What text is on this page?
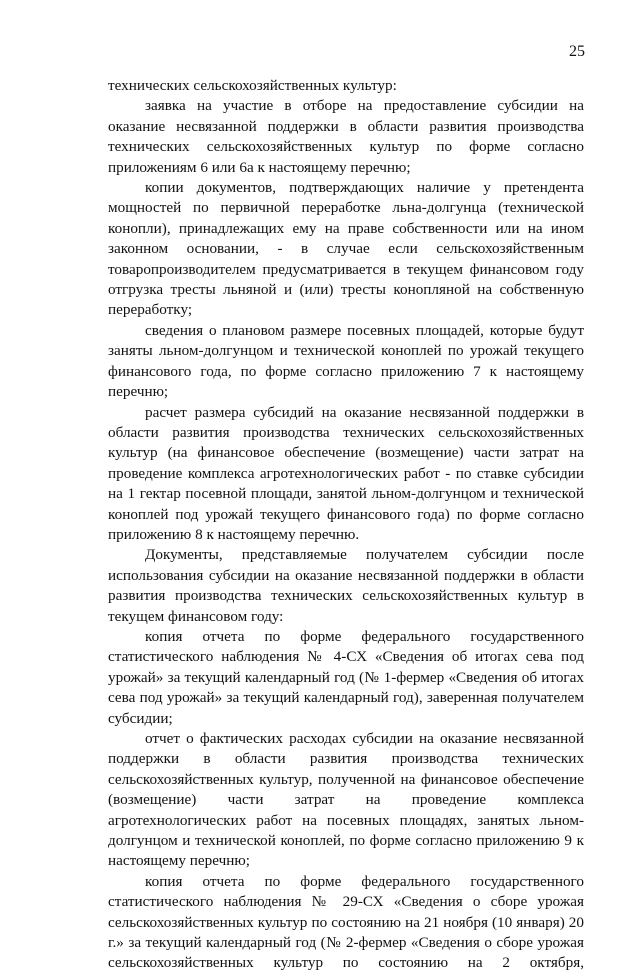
25

технических сельскохозяйственных культур:

заявка на участие в отборе на предоставление субсидии на оказание несвязанной поддержки в области развития производства технических сельскохозяйственных культур по форме согласно приложениям 6 или 6а к настоящему перечню;

копии документов, подтверждающих наличие у претендента мощностей по первичной переработке льна-долгунца (технической конопли), принадлежащих ему на праве собственности или на ином законном основании, - в случае если сельскохозяйственным товаропроизводителем предусматривается в текущем финансовом году отгрузка тресты льняной и (или) тресты конопляной на собственную переработку;

сведения о плановом размере посевных площадей, которые будут заняты льном-долгунцом и технической коноплей по урожай текущего финансового года, по форме согласно приложению 7 к настоящему перечню;

расчет размера субсидий на оказание несвязанной поддержки в области развития производства технических сельскохозяйственных культур (на финансовое обеспечение (возмещение) части затрат на проведение комплекса агротехнологических работ - по ставке субсидии на 1 гектар посевной площади, занятой льном-долгунцом и технической коноплей под урожай текущего финансового года) по форме согласно приложению 8 к настоящему перечню.

Документы, представляемые получателем субсидии после использования субсидии на оказание несвязанной поддержки в области развития производства технических сельскохозяйственных культур в текущем финансовом году:

копия отчета по форме федерального государственного статистического наблюдения № 4-СХ «Сведения об итогах сева под урожай» за текущий календарный год (№ 1-фермер «Сведения об итогах сева под урожай» за текущий календарный год), заверенная получателем субсидии;

отчет о фактических расходах субсидии на оказание несвязанной поддержки в области развития производства технических сельскохозяйственных культур, полученной на финансовое обеспечение (возмещение) части затрат на проведение комплекса агротехнологических работ на посевных площадях, занятых льном-долгунцом и технической коноплей, по форме согласно приложению 9 к настоящему перечню;

копия отчета по форме федерального государственного статистического наблюдения № 29-СХ «Сведения о сборе урожая сельскохозяйственных культур по состоянию на 21 ноября (10 января) 20 г.» за текущий календарный год (№ 2-фермер «Сведения о сборе урожая сельскохозяйственных культур по состоянию на 2 октября,
